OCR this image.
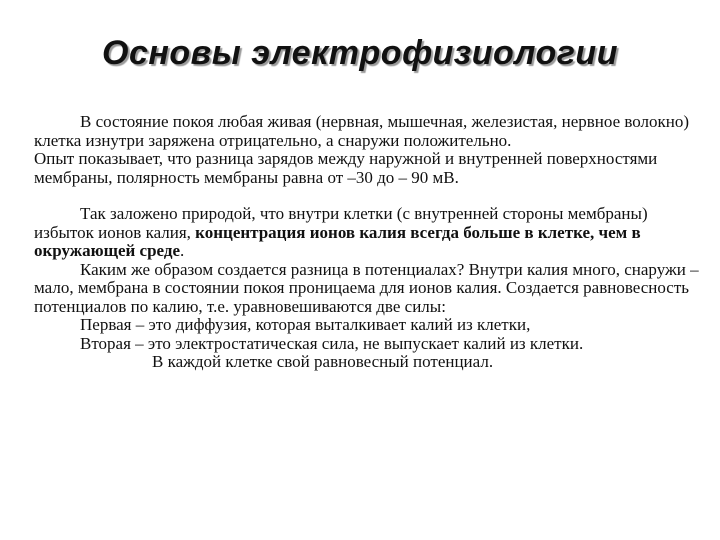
Основы электрофизиологии

В состояние покоя любая живая (нервная, мышечная, железистая, нервное волокно) клетка изнутри заряжена отрицательно, а снаружи положительно.

Опыт показывает, что разница зарядов между наружной и внутренней поверхностями мембраны, полярность мембраны равна от –30 до – 90 мВ.

Так заложено природой, что внутри клетки (с внутренней стороны мембраны) избыток ионов калия, концентрация ионов калия всегда больше в клетке, чем в окружающей среде.

Каким же образом создается разница в потенциалах? Внутри калия много, снаружи – мало, мембрана в состоянии покоя проницаема для ионов калия. Создается равновесность потенциалов по калию, т.е. уравновешиваются две силы:

Первая – это диффузия, которая выталкивает калий из клетки,

Вторая – это электростатическая сила, не выпускает калий из клетки.

В каждой клетке свой равновесный потенциал.
